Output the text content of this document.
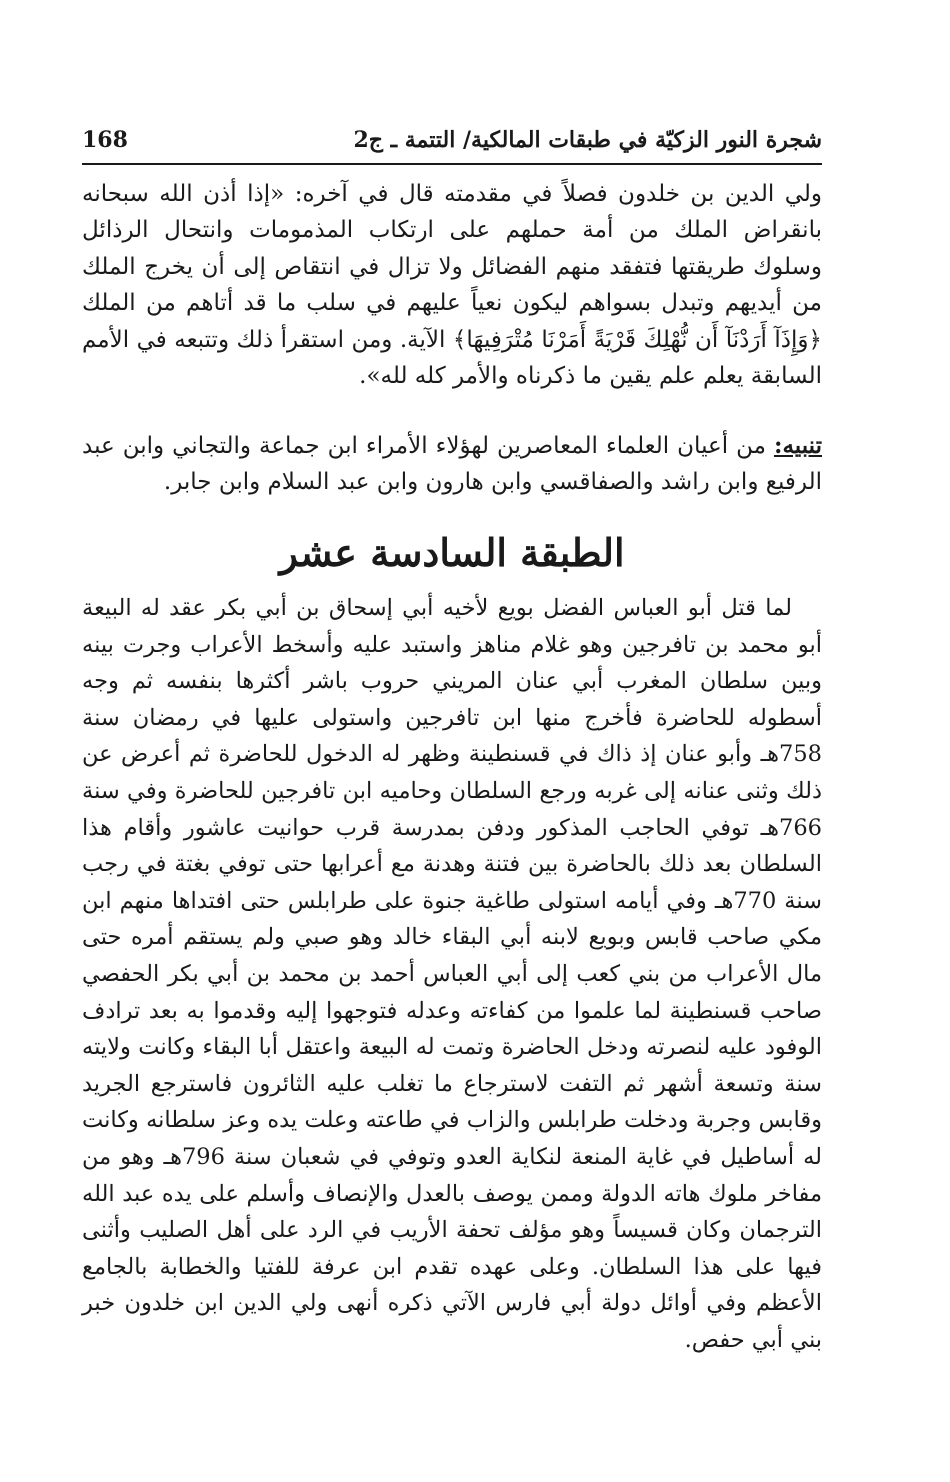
شجرة النور الزكيّة في طبقات المالكية/ التتمة ـ ج2
168

ولي الدين بن خلدون فصلاً في مقدمته قال في آخره: «إذا أذن الله سبحانه بانقراض الملك من أمة حملهم على ارتكاب المذمومات وانتحال الرذائل وسلوك طريقتها فتفقد منهم الفضائل ولا تزال في انتقاص إلى أن يخرج الملك من أيديهم وتبدل بسواهم ليكون نعياً عليهم في سلب ما قد أتاهم من الملك ﴿وَإِذَآ أَرَدْنَآ أَن نُّهْلِكَ قَرْيَةً أَمَرْنَا مُتْرَفِيهَا﴾ الآية. ومن استقرأ ذلك وتتبعه في الأمم السابقة يعلم علم يقين ما ذكرناه والأمر كله لله».

تنبيه: من أعيان العلماء المعاصرين لهؤلاء الأمراء ابن جماعة والتجاني وابن عبد الرفيع وابن راشد والصفاقسي وابن هارون وابن عبد السلام وابن جابر.

الطبقة السادسة عشر

لما قتل أبو العباس الفضل بويع لأخيه أبي إسحاق بن أبي بكر عقد له البيعة أبو محمد بن تافرجين وهو غلام مناهز واستبد عليه وأسخط الأعراب وجرت بينه وبين سلطان المغرب أبي عنان المريني حروب باشر أكثرها بنفسه ثم وجه أسطوله للحاضرة فأخرج منها ابن تافرجين واستولى عليها في رمضان سنة 758هـ وأبو عنان إذ ذاك في قسنطينة وظهر له الدخول للحاضرة ثم أعرض عن ذلك وثنى عنانه إلى غربه ورجع السلطان وحاميه ابن تافرجين للحاضرة وفي سنة 766هـ توفي الحاجب المذكور ودفن بمدرسة قرب حوانيت عاشور وأقام هذا السلطان بعد ذلك بالحاضرة بين فتنة وهدنة مع أعرابها حتى توفي بغتة في رجب سنة 770هـ وفي أيامه استولى طاغية جنوة على طرابلس حتى افتداها منهم ابن مكي صاحب قابس وبويع لابنه أبي البقاء خالد وهو صبي ولم يستقم أمره حتى مال الأعراب من بني كعب إلى أبي العباس أحمد بن محمد بن أبي بكر الحفصي صاحب قسنطينة لما علموا من كفاءته وعدله فتوجهوا إليه وقدموا به بعد ترادف الوفود عليه لنصرته ودخل الحاضرة وتمت له البيعة واعتقل أبا البقاء وكانت ولايته سنة وتسعة أشهر ثم التفت لاسترجاع ما تغلب عليه الثائرون فاسترجع الجريد وقابس وجربة ودخلت طرابلس والزاب في طاعته وعلت يده وعز سلطانه وكانت له أساطيل في غاية المنعة لنكاية العدو وتوفي في شعبان سنة 796هـ وهو من مفاخر ملوك هاته الدولة وممن يوصف بالعدل والإنصاف وأسلم على يده عبد الله الترجمان وكان قسيساً وهو مؤلف تحفة الأريب في الرد على أهل الصليب وأثنى فيها على هذا السلطان. وعلى عهده تقدم ابن عرفة للفتيا والخطابة بالجامع الأعظم وفي أوائل دولة أبي فارس الآتي ذكره أنهى ولي الدين ابن خلدون خبر بني أبي حفص.
